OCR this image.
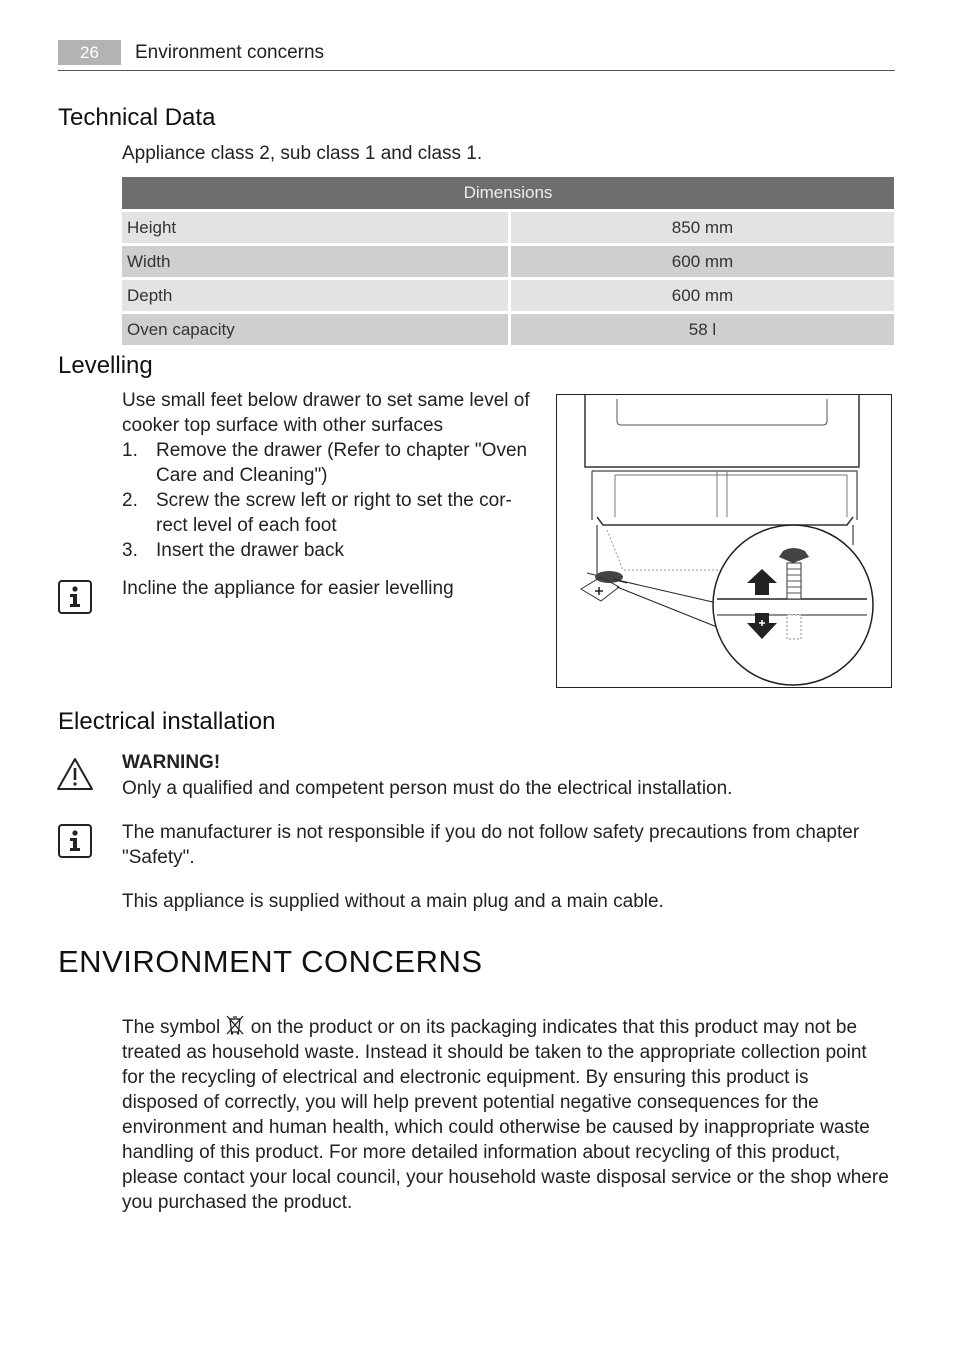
26	Environment concerns
Technical Data
Appliance class 2, sub class 1 and class 1.
Dimensions	
Height	850 mm
Width	600 mm
Depth	600 mm
Oven capacity	58 l
Levelling
Use small feet below drawer to set same level of
cooker top surface with other surfaces
1. Remove the drawer (Refer to chapter "Oven
Care and Cleaning")
2. Screw the screw left or right to set the cor-
rect level of each foot
3. Insert the drawer back
Incline the appliance for easier levelling
Electrical installation
WARNING!
Only a qualified and competent person must do the electrical installation.
The manufacturer is not responsible if you do not follow safety precautions from chapter
"Safety".
This appliance is supplied without a main plug and a main cable.
ENVIRONMENT CONCERNS
The symbol on the product or on its packaging indicates that this product may not be
treated as household waste. Instead it should be taken to the appropriate collection point
for the recycling of electrical and electronic equipment. By ensuring this product is
disposed of correctly, you will help prevent potential negative consequences for the
environment and human health, which could otherwise be caused by inappropriate waste
handling of this product. For more detailed information about recycling of this product,
please contact your local council, your household waste disposal service or the shop where
you purchased the product.
